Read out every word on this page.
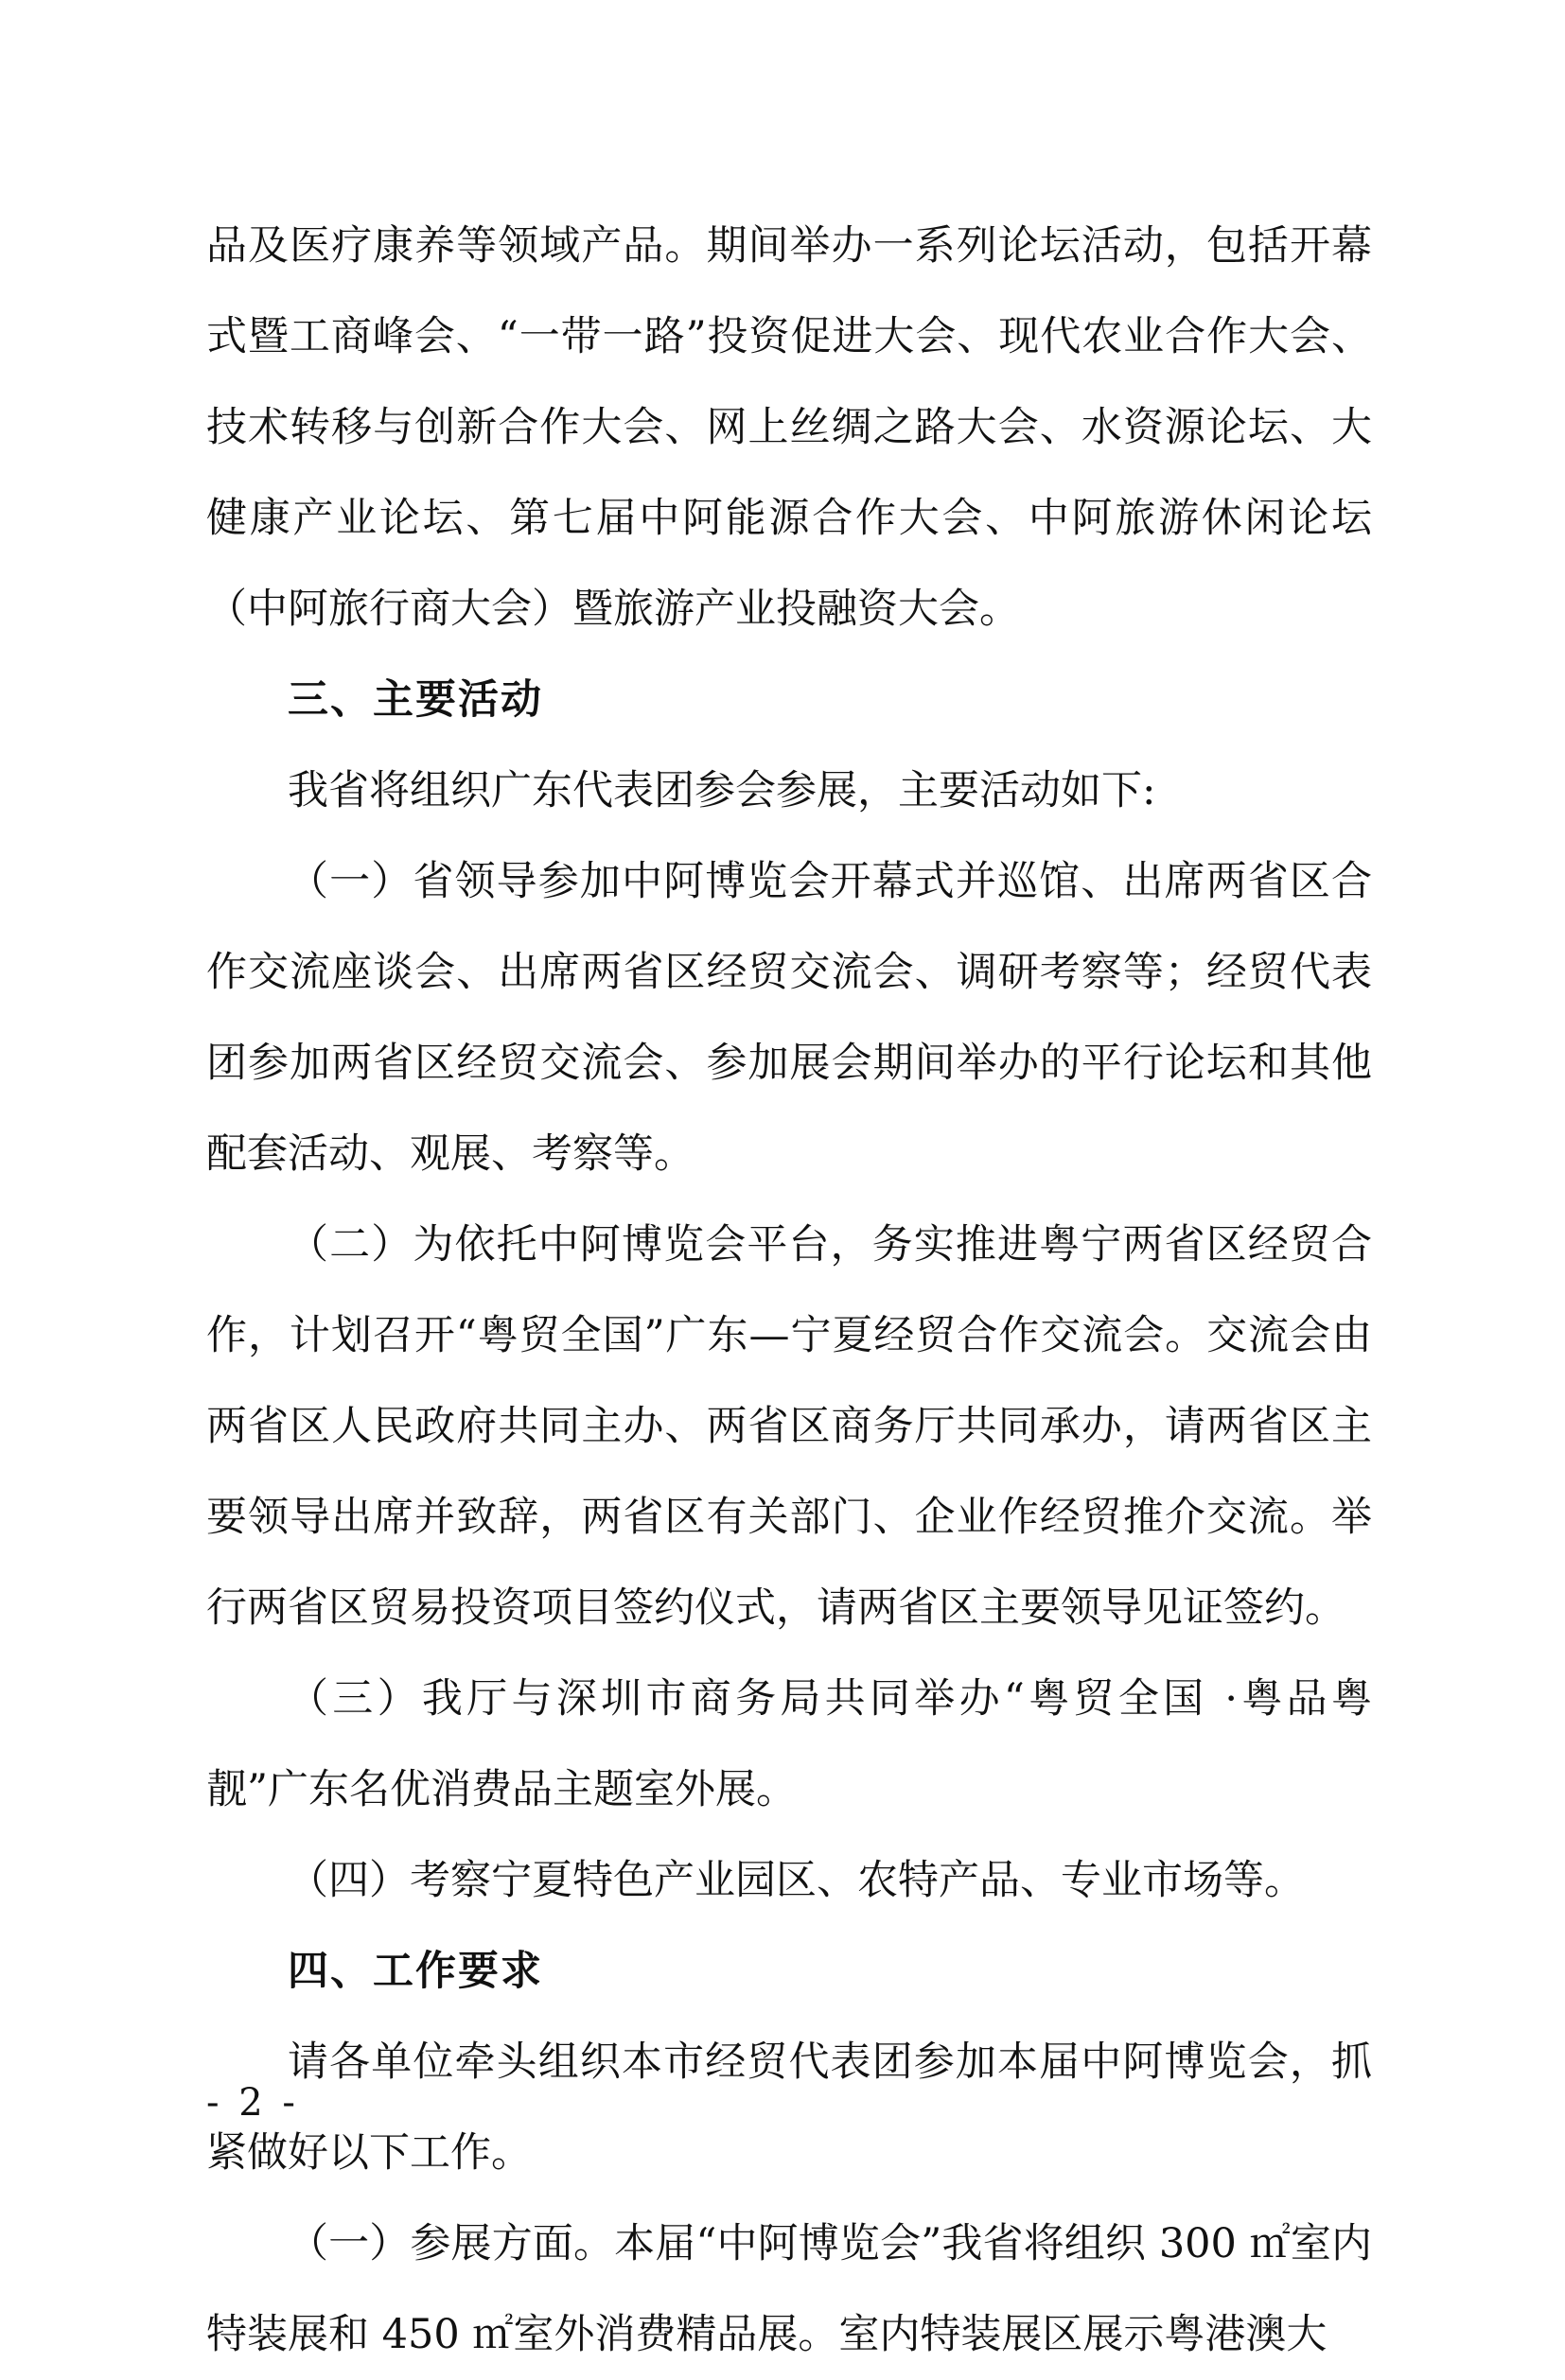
品及医疗康养等领域产品。期间举办一系列论坛活动，包括开幕式暨工商峰会、“一带一路”投资促进大会、现代农业合作大会、技术转移与创新合作大会、网上丝绸之路大会、水资源论坛、大健康产业论坛、第七届中阿能源合作大会、中阿旅游休闲论坛（中阿旅行商大会）暨旅游产业投融资大会。

三、主要活动

我省将组织广东代表团参会参展，主要活动如下:

（一）省领导参加中阿博览会开幕式并巡馆、出席两省区合作交流座谈会、出席两省区经贸交流会、调研考察等；经贸代表团参加两省区经贸交流会、参加展会期间举办的平行论坛和其他配套活动、观展、考察等。

（二）为依托中阿博览会平台，务实推进粤宁两省区经贸合作，计划召开“粤贸全国”广东—宁夏经贸合作交流会。交流会由两省区人民政府共同主办、两省区商务厅共同承办，请两省区主要领导出席并致辞，两省区有关部门、企业作经贸推介交流。举行两省区贸易投资项目签约仪式，请两省区主要领导见证签约。

（三）我厅与深圳市商务局共同举办“粤贸全国 ·粤品粤靓”广东名优消费品主题室外展。

（四）考察宁夏特色产业园区、农特产品、专业市场等。

四、工作要求

请各单位牵头组织本市经贸代表团参加本届中阿博览会，抓紧做好以下工作。

（一）参展方面。本届“中阿博览会”我省将组织 300 ㎡室内特装展和 450 ㎡室外消费精品展。室内特装展区展示粤港澳大

- 2 -
